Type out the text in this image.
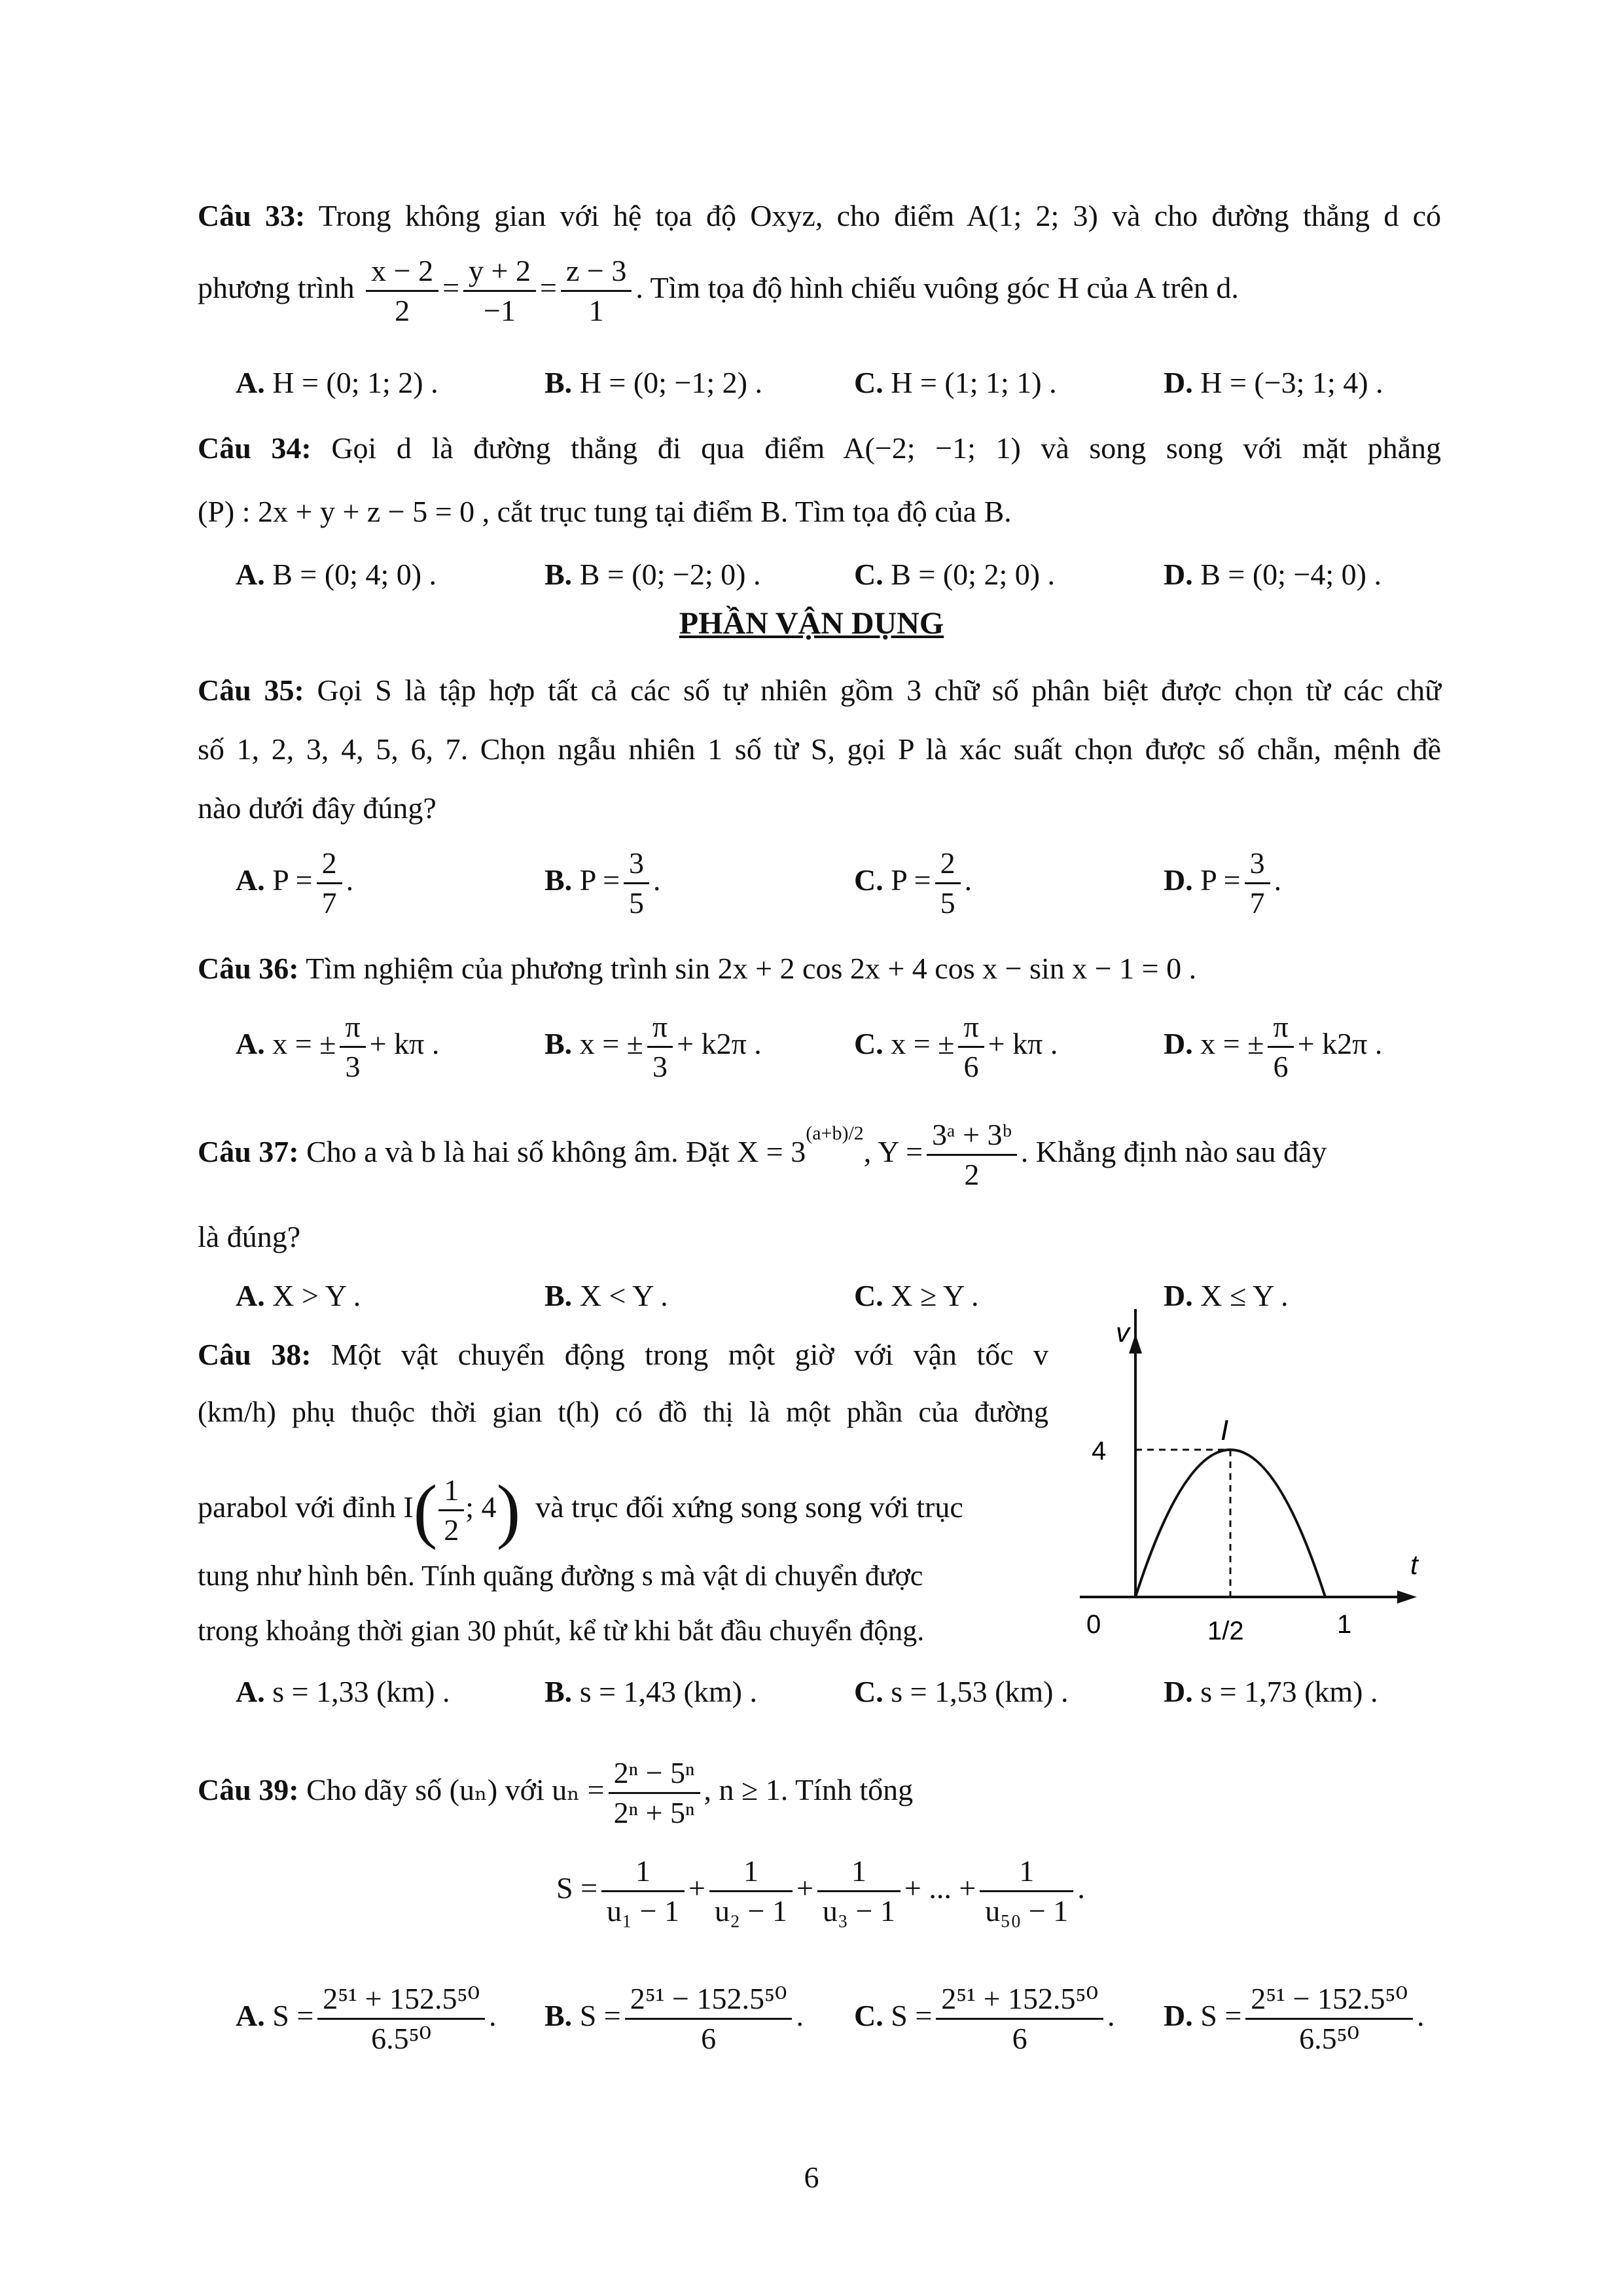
Câu 33: Trong không gian với hệ tọa độ Oxyz, cho điểm A(1; 2; 3) và cho đường thẳng d có
phương trình $\frac{x - 2}{2} = \frac{y + 2}{-1} = \frac{z - 3}{1}$ . Tìm tọa độ hình chiếu vuông góc H của A trên d.
A. H = (0; 1; 2) .	B. H = (0; −1; 2) .	C. H = (1; 1; 1) .	D. H = (−3; 1; 4) .
Câu 34: Gọi d là đường thẳng đi qua điểm A(−2; −1; 1) và song song với mặt phẳng
(P) : 2x + y + z − 5 = 0 , cắt trục tung tại điểm B. Tìm tọa độ của B.
A. B = (0; 4; 0) .	B. B = (0; −2; 0) .	C. B = (0; 2; 0) .	D. B = (0; −4; 0) .
PHẦN VẬN DỤNG
Câu 35: Gọi S là tập hợp tất cả các số tự nhiên gồm 3 chữ số phân biệt được chọn từ các chữ
số 1, 2, 3, 4, 5, 6, 7. Chọn ngẫu nhiên 1 số từ S, gọi P là xác suất chọn được số chẵn, mệnh đề
nào dưới đây đúng?
A. $P = \frac{2}{7}$ .	B. $P = \frac{3}{5}$ .	C. $P = \frac{2}{5}$ .	D. $P = \frac{3}{7}$ .
Câu 36: Tìm nghiệm của phương trình sin 2x + 2 cos 2x + 4 cos x − sin x − 1 = 0 .
A. x = ± $\frac{\pi}{3} + k\pi$ .	B. x = ± $\frac{\pi}{3} + k2\pi$ .	C. x = ± $\frac{\pi}{6} + k\pi$ .	D. x = ± $\frac{\pi}{6} + k2\pi$ .
Câu 37: Cho a và b là hai số không âm. Đặt $X = 3^{(a+b)/2}$, $Y = \frac{\text{3ᵃ + 3ᵇ}}{2}$ . Khẳng định nào sau đây
là đúng?
A. X > Y .	B. X < Y .	C. X ≥ Y .	D. X ≤ Y .
Câu 38: Một vật chuyển động trong một giờ với vận tốc v
(km/h) phụ thuộc thời gian t(h) có đồ thị là một phần của đường
parabol với đỉnh $I( \frac{1}{2}$ ; 4) và trục đối xứng song song với trục
tung như hình bên. Tính quãng đường s mà vật di chuyển được
trong khoảng thời gian 30 phút, kể từ khi bắt đầu chuyển động.
v
t
I
4
0	1/2	1
A. s = 1,33 (km) .	B. s = 1,43 (km) .	C. s = 1,53 (km) .	D. s = 1,73 (km) .
Câu 39: Cho dãy số (uₙ) với $u_n = \frac{\text{2ⁿ − 5ⁿ}}{\text{2ⁿ + 5ⁿ}}$ , n ≥ 1. Tính tổng
$S = \frac{1}{\text{u₁ − 1}} + \frac{1}{\text{u₂ − 1}} + \frac{1}{\text{u₃ − 1}}$ + ... + $\frac{1}{\text{u₅₀ − 1}}$ .
A. $S = \frac{\text{2⁵¹ + 152.5⁵⁰}}{\text{6.5⁵⁰}}$ . B. $S = \frac{\text{2⁵¹ − 152.5⁵⁰}}{6}$ . C. $S = \frac{\text{2⁵¹ + 152.5⁵⁰}}{6}$ . D. $S = \frac{\text{2⁵¹ − 152.5⁵⁰}}{\text{6.5⁵⁰}}$ .
6
